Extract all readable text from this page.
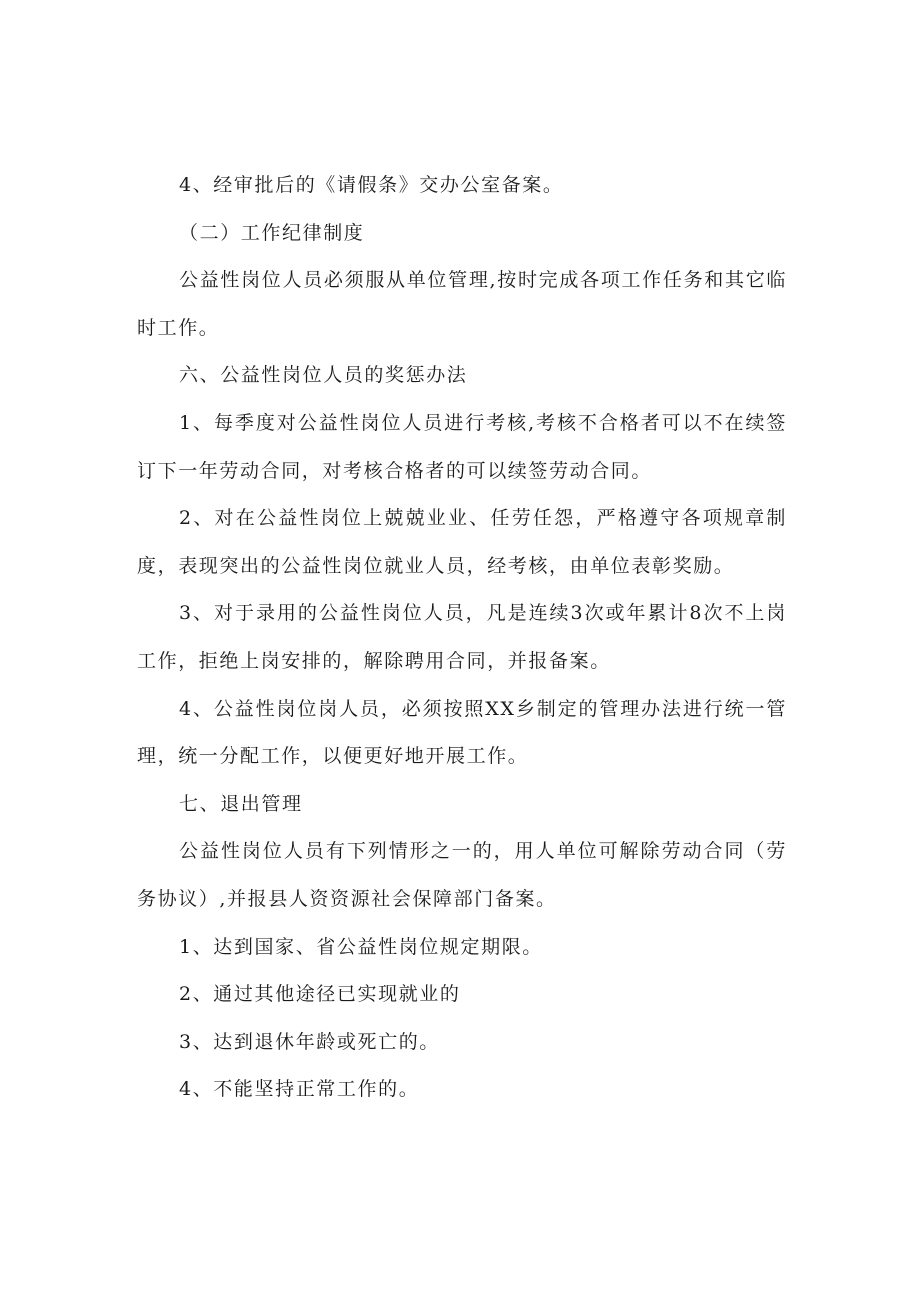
4、经审批后的《请假条》交办公室备案。

（二）工作纪律制度

公益性岗位人员必须服从单位管理,按时完成各项工作任务和其它临时工作。

六、公益性岗位人员的奖惩办法

1、每季度对公益性岗位人员进行考核,考核不合格者可以不在续签订下一年劳动合同，对考核合格者的可以续签劳动合同。

2、对在公益性岗位上兢兢业业、任劳任怨，严格遵守各项规章制度，表现突出的公益性岗位就业人员，经考核，由单位表彰奖励。

3、对于录用的公益性岗位人员，凡是连续3次或年累计8次不上岗工作，拒绝上岗安排的，解除聘用合同，并报备案。

4、公益性岗位岗人员，必须按照XX乡制定的管理办法进行统一管理，统一分配工作，以便更好地开展工作。

七、退出管理

公益性岗位人员有下列情形之一的，用人单位可解除劳动合同（劳务协议）,并报县人资资源社会保障部门备案。

1、达到国家、省公益性岗位规定期限。

2、通过其他途径已实现就业的

3、达到退休年龄或死亡的。

4、不能坚持正常工作的。
